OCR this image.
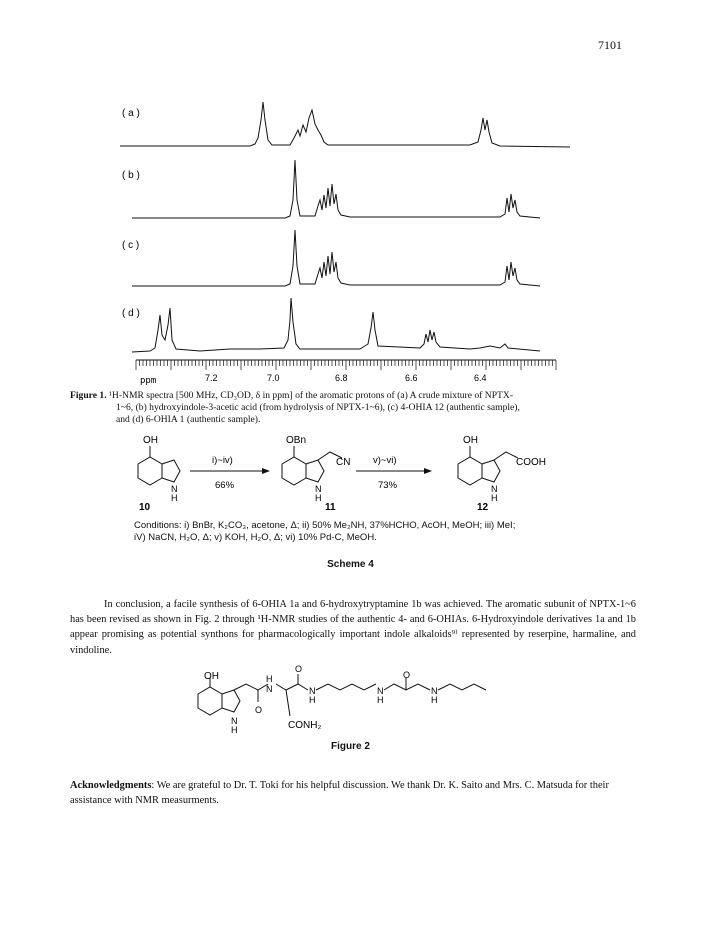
7101
( a )
( b )
( c )
( d )
ppm	7.2	7.0	6.8	6.6	6.4
Figure 1. ¹H-NMR spectra [500 MHz, CD₃OD, δ in ppm] of the aromatic protons of (a) A crude mixture of NPTX-
1~6, (b) hydroxyindole-3-acetic acid (from hydrolysis of NPTX-1~6), (c) 4-OHIA 12 (authentic sample),
and (d) 6-OHIA 1 (authentic sample).
OH
N
H
10
i)~iv)
66%
OBn
CN
N
H
11
v)~vi)
73%
OH
COOH
N
H
12
Conditions: i) BnBr, K₂CO₃, acetone, Δ; ii) 50% Me₂NH, 37%HCHO, AcOH, MeOH; iii) MeI;
iV) NaCN, H₂O, Δ; v) KOH, H₂O, Δ; vi) 10% Pd-C, MeOH.
Scheme 4
In conclusion, a facile synthesis of 6-OHIA 1a and 6-hydroxytryptamine 1b was achieved. The aromatic subunit of NPTX-1~6 has been revised as shown in Fig. 2 through ¹H-NMR studies of the authentic 4- and 6-OHIAs. 6-Hydroxyindole derivatives 1a and 1b appear promising as potential synthons for pharmacologically important indole alkaloids⁹⁾ represented by reserpine, harmaline, and vindoline.
OH
N
H
H
N
O
O
N
H
CONH₂
O
N
H
N
H
Figure 2
Acknowledgments: We are grateful to Dr. T. Toki for his helpful discussion. We thank Dr. K. Saito and Mrs. C. Matsuda for their assistance with NMR measurments.
